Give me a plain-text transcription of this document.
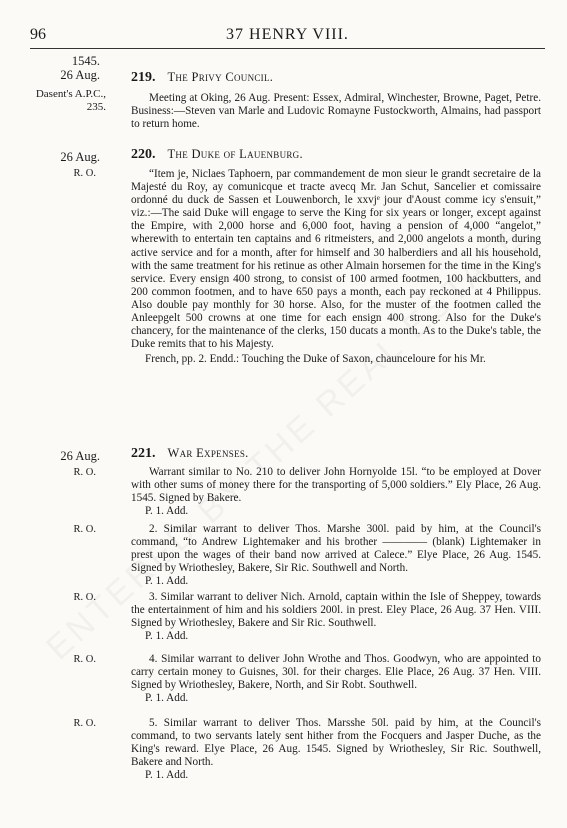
96	37 HENRY VIII.
1545.
26 Aug.
Dasent's A.P.C., 235.
219. The Privy Council.

Meeting at Oking, 26 Aug. Present: Essex, Admiral, Winchester, Browne, Paget, Petre. Business:—Steven van Marle and Ludovic Romayne Fustockworth, Almains, had passport to return home.

26 Aug.
R. O.
220. The Duke of Lauenburg.

“Item je, Niclaes Taphoern, par commandement de mon sieur le grandt secretaire de la Majesté du Roy, ay comunicque et tracte avecq Mr. Jan Schut, Sancelier et comissaire ordonné du duck de Sassen et Louwenborch, le xxvjᵉ jour d'Aoust comme icy s'ensuit,” viz.:—The said Duke will engage to serve the King for six years or longer, except against the Empire, with 2,000 horse and 6,000 foot, having a pension of 4,000 “angelot,” wherewith to entertain ten captains and 6 ritmeisters, and 2,000 angelots a month, during active service and for a month, after for himself and 30 halberdiers and all his household, with the same treatment for his retinue as other Almain horsemen for the time in the King's service. Every ensign 400 strong, to consist of 100 armed footmen, 100 hackbutters, and 200 common footmen, and to have 650 pays a month, each pay reckoned at 4 Philippus. Also double pay monthly for 30 horse. Also, for the muster of the footmen called the Anleepgelt 500 crowns at one time for each ensign 400 strong. Also for the Duke's chancery, for the maintenance of the clerks, 150 ducats a month. As to the Duke's table, the Duke remits that to his Majesty.

French, pp. 2. Endd.: Touching the Duke of Saxon, chaunceloure for his Mr.

26 Aug. 221. War Expenses.
R. O.	Warrant similar to No. 210 to deliver John Hornyolde 15l. “to be employed at Dover with other sums of money there for the transporting of 5,000 soldiers.” Ely Place, 26 Aug. 1545. Signed by Bakere.

P. 1. Add.

R. O.	2. Similar warrant to deliver Thos. Marshe 300l. paid by him, at the Council's command, “to Andrew Lightemaker and his brother ———— (blank) Lightemaker in prest upon the wages of their band now arrived at Calece.” Elye Place, 26 Aug. 1545. Signed by Wriothesley, Bakere, Sir Ric. Southwell and North.

P. 1. Add.

R. O.	3. Similar warrant to deliver Nich. Arnold, captain within the Isle of Sheppey, towards the entertainment of him and his soldiers 200l. in prest. Eley Place, 26 Aug. 37 Hen. VIII. Signed by Wriothesley, Bakere and Sir Ric. Southwell.

P. 1. Add.

R. O.	4. Similar warrant to deliver John Wrothe and Thos. Goodwyn, who are appointed to carry certain money to Guisnes, 30l. for their charges. Elie Place, 26 Aug. 37 Hen. VIII. Signed by Wriothesley, Bakere, North, and Sir Robt. Southwell.

P. 1. Add.

R. O.	5. Similar warrant to deliver Thos. Marsshe 50l. paid by him, at the Council's command, to two servants lately sent hither from the Focquers and Jasper Duche, as the King's reward. Elye Place, 26 Aug. 1545. Signed by Wriothesley, Sir Ric. Southwell, Bakere and North.

P. 1. Add.
